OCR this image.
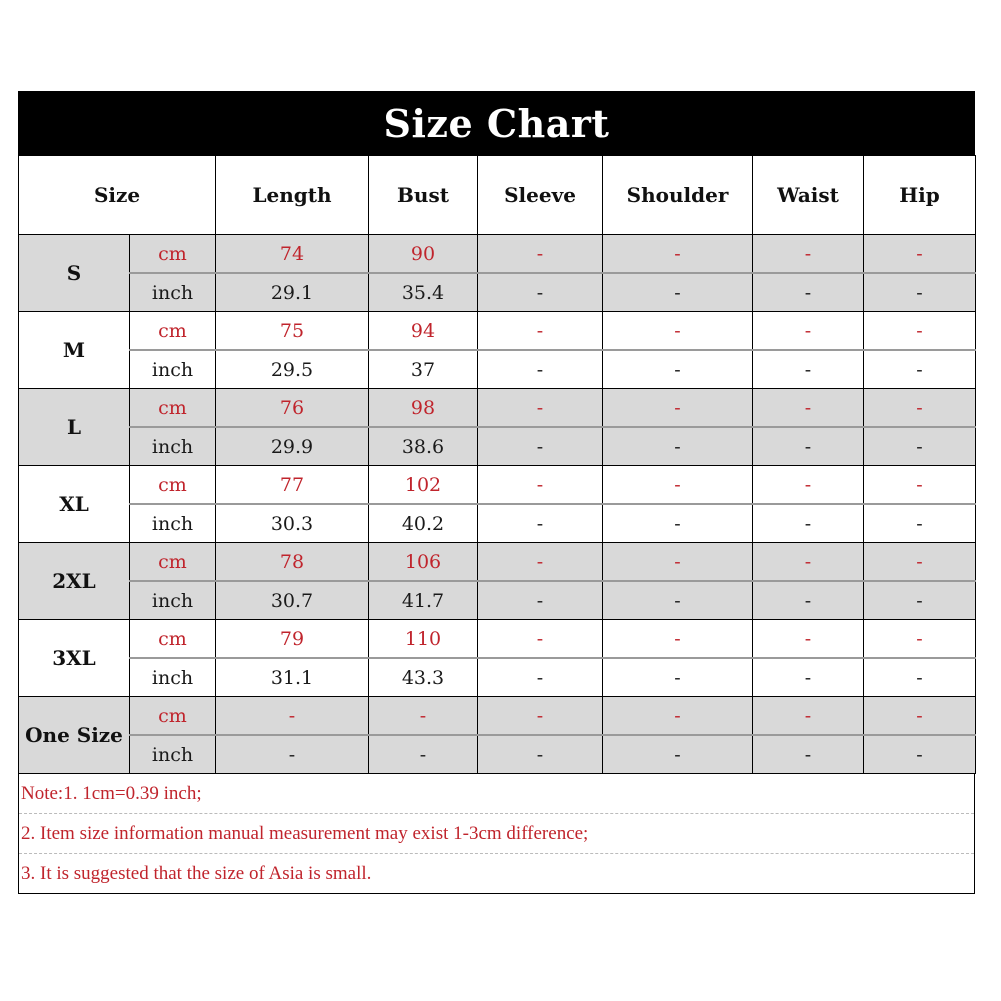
Size Chart
Size		Length	Bust	Sleeve	Shoulder	Waist	Hip
S	cm	74	90	-	-	-	-
	inch	29.1	35.4	-	-	-	-
M	cm	75	94	-	-	-	-
	inch	29.5	37	-	-	-	-
L	cm	76	98	-	-	-	-
	inch	29.9	38.6	-	-	-	-
XL	cm	77	102	-	-	-	-
	inch	30.3	40.2	-	-	-	-
2XL	cm	78	106	-	-	-	-
	inch	30.7	41.7	-	-	-	-
3XL	cm	79	110	-	-	-	-
	inch	31.1	43.3	-	-	-	-
One Size	cm	-	-	-	-	-	-
	inch	-	-	-	-	-	-
Note:1. 1cm=0.39 inch;
2. Item size information manual measurement may exist 1-3cm difference;
3. It is suggested that the size of Asia is small.
